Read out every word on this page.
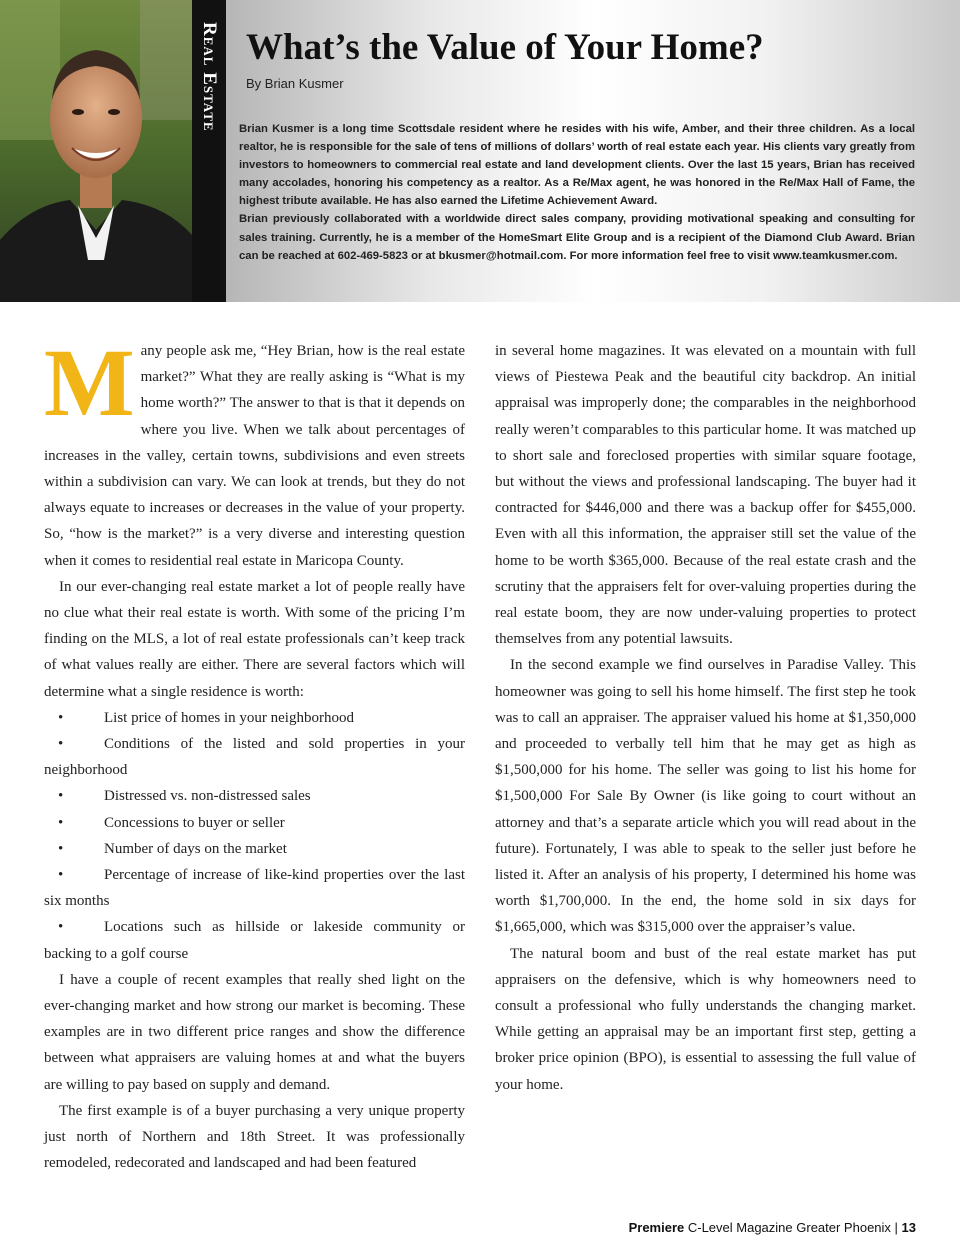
Real Estate What’s the Value of Your Home?
By Brian Kusmer

Brian Kusmer is a long time Scottsdale resident where he resides with his wife, Amber, and their three children. As a local realtor, he is responsible for the sale of tens of millions of dollars’ worth of real estate each year. His clients vary greatly from investors to homeowners to commercial real estate and land development clients. Over the last 15 years, Brian has received many accolades, honoring his competency as a realtor. As a Re/Max agent, he was honored in the Re/Max Hall of Fame, the highest tribute available. He has also earned the Lifetime Achievement Award.

Brian previously collaborated with a worldwide direct sales company, providing motivational speaking and consulting for sales training. Currently, he is a member of the HomeSmart Elite Group and is a recipient of the Diamond Club Award. Brian can be reached at 602-469-5823 or at bkusmer@hotmail.com. For more information feel free to visit www.teamkusmer.com.

Many people ask me, “Hey Brian, how is the real estate market?” What they are really asking is “What is my home worth?” The answer to that is that it depends on where you live. When we talk about percentages of increases in the valley, certain towns, subdivisions and even streets within a subdivision can vary. We can look at trends, but they do not always equate to increases or decreases in the value of your property. So, “how is the market?” is a very diverse and interesting question when it comes to residential real estate in Maricopa County.

In our ever-changing real estate market a lot of people really have no clue what their real estate is worth. With some of the pricing I’m finding on the MLS, a lot of real estate professionals can’t keep track of what values really are either. There are several factors which will determine what a single residence is worth:

• List price of homes in your neighborhood
• Conditions of the listed and sold properties in your neighborhood
• Distressed vs. non-distressed sales
• Concessions to buyer or seller
• Number of days on the market
• Percentage of increase of like-kind properties over the last six months
• Locations such as hillside or lakeside community or backing to a golf course

I have a couple of recent examples that really shed light on the ever-changing market and how strong our market is becoming. These examples are in two different price ranges and show the difference between what appraisers are valuing homes at and what the buyers are willing to pay based on supply and demand.

The first example is of a buyer purchasing a very unique property just north of Northern and 18th Street. It was professionally remodeled, redecorated and landscaped and had been featured

in several home magazines. It was elevated on a mountain with full views of Piestewa Peak and the beautiful city backdrop. An initial appraisal was improperly done; the comparables in the neighborhood really weren’t comparables to this particular home. It was matched up to short sale and foreclosed properties with similar square footage, but without the views and professional landscaping. The buyer had it contracted for $446,000 and there was a backup offer for $455,000. Even with all this information, the appraiser still set the value of the home to be worth $365,000. Because of the real estate crash and the scrutiny that the appraisers felt for over-valuing properties during the real estate boom, they are now under-valuing properties to protect themselves from any potential lawsuits.

In the second example we find ourselves in Paradise Valley. This homeowner was going to sell his home himself. The first step he took was to call an appraiser. The appraiser valued his home at $1,350,000 and proceeded to verbally tell him that he may get as high as $1,500,000 for his home. The seller was going to list his home for $1,500,000 For Sale By Owner (is like going to court without an attorney and that’s a separate article which you will read about in the future). Fortunately, I was able to speak to the seller just before he listed it. After an analysis of his property, I determined his home was worth $1,700,000. In the end, the home sold in six days for $1,665,000, which was $315,000 over the appraiser’s value.

The natural boom and bust of the real estate market has put appraisers on the defensive, which is why homeowners need to consult a professional who fully understands the changing market. While getting an appraisal may be an important first step, getting a broker price opinion (BPO), is essential to assessing the full value of your home.

Premiere C-Level Magazine Greater Phoenix | 13
